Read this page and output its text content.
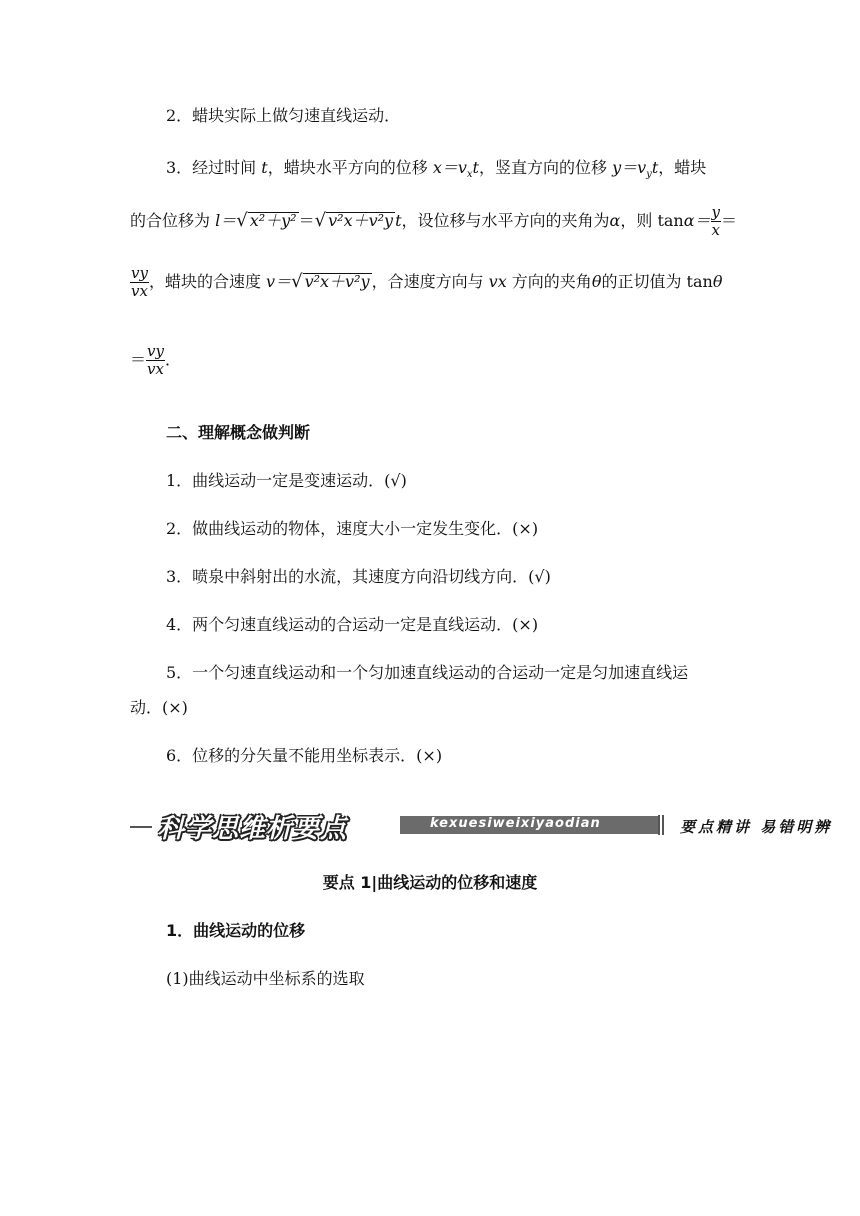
2．蜡块实际上做匀速直线运动．
3．经过时间 t，蜡块水平方向的位移 $x=v_xt$，竖直方向的位移 $y=v_yt$，蜡块
的合位移为 l＝√ x²＋y² ＝√ v²x＋v²y t，设位移与水平方向的夹角为α，则 $\tan\alpha= \frac{y}{x}$ ＝
$\frac{vy}{vx}$ ，蜡块的合速度 v＝√ v²x＋v²y ，合速度方向与 vx 方向的夹角θ的正切值为 tanθ
＝ $\frac{vy}{vx}$ ．
二、理解概念做判断
1．曲线运动一定是变速运动．(√)
2．做曲线运动的物体，速度大小一定发生变化．(×)
3．喷泉中斜射出的水流，其速度方向沿切线方向．(√)
4．两个匀速直线运动的合运动一定是直线运动．(×)
5．一个匀速直线运动和一个匀加速直线运动的合运动一定是匀加速直线运
动．(×)
6．位移的分矢量不能用坐标表示．(×)
科学思维析要点	kexuesiweixiyaodian	要点精讲 易错明辨
要点 1|曲线运动的位移和速度
1．曲线运动的位移
(1)曲线运动中坐标系的选取
